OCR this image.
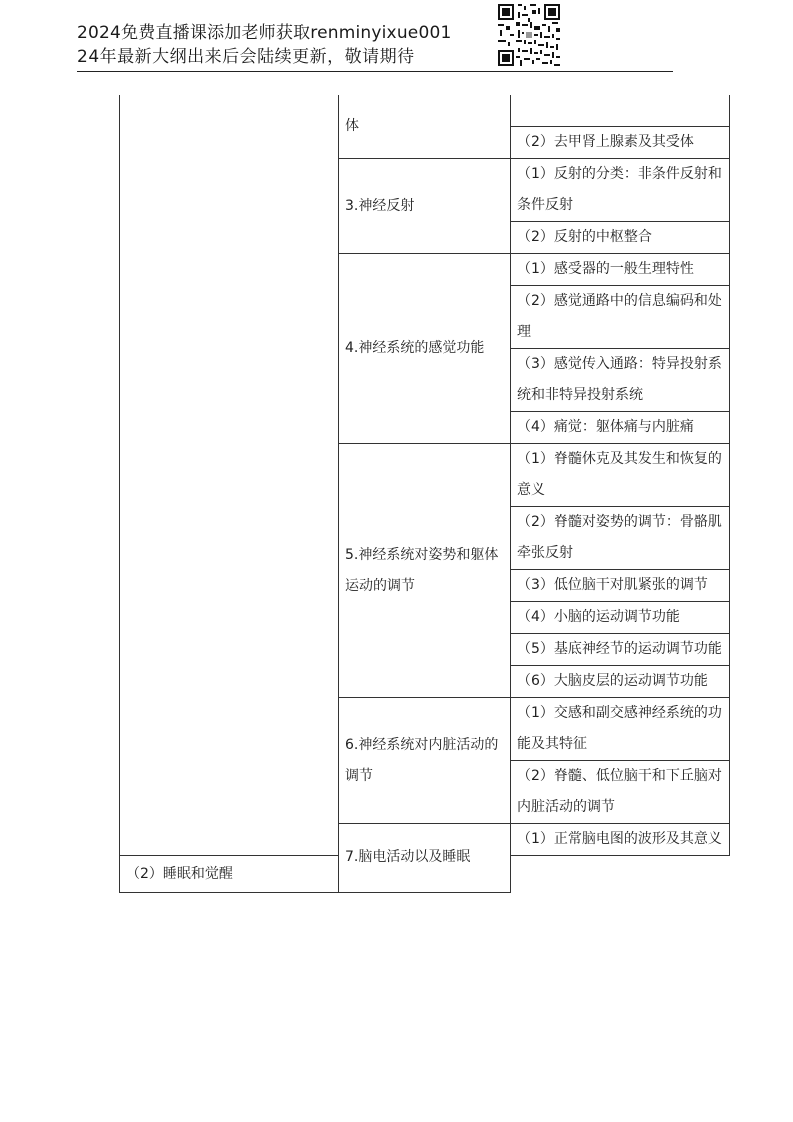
2024免费直播课添加老师获取renminyixue001
24年最新大纲出来后会陆续更新，敬请期待
	体	
		（2）去甲肾上腺素及其受体
	3.神经反射	（1）反射的分类：非条件反射和条件反射
		（2）反射的中枢整合
	4.神经系统的感觉功能	（1）感受器的一般生理特性
		（2）感觉通路中的信息编码和处理
		（3）感觉传入通路：特异投射系统和非特异投射系统
		（4）痛觉：躯体痛与内脏痛
	5.神经系统对姿势和躯体运动的调节	（1）脊髓休克及其发生和恢复的意义
		（2）脊髓对姿势的调节：骨骼肌牵张反射
		（3）低位脑干对肌紧张的调节
		（4）小脑的运动调节功能
		（5）基底神经节的运动调节功能
		（6）大脑皮层的运动调节功能
	6.神经系统对内脏活动的调节	（1）交感和副交感神经系统的功能及其特征
		（2）脊髓、低位脑干和下丘脑对内脏活动的调节
	7.脑电活动以及睡眠	（1）正常脑电图的波形及其意义
（2）睡眠和觉醒		
